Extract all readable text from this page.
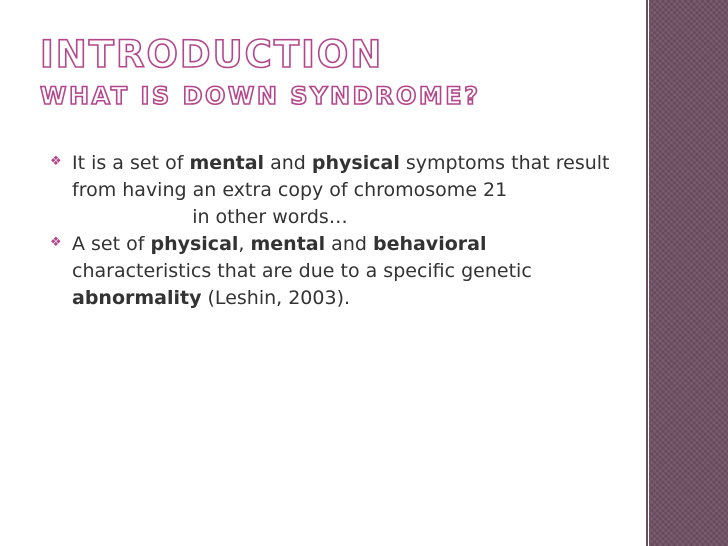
INTRODUCTION
WHAT IS DOWN SYNDROME?
❖ It is a set of mental and physical symptoms that result from having an extra copy of chromosome 21
in other words…
❖ A set of physical, mental and behavioral characteristics that are due to a specific genetic abnormality (Leshin, 2003).
